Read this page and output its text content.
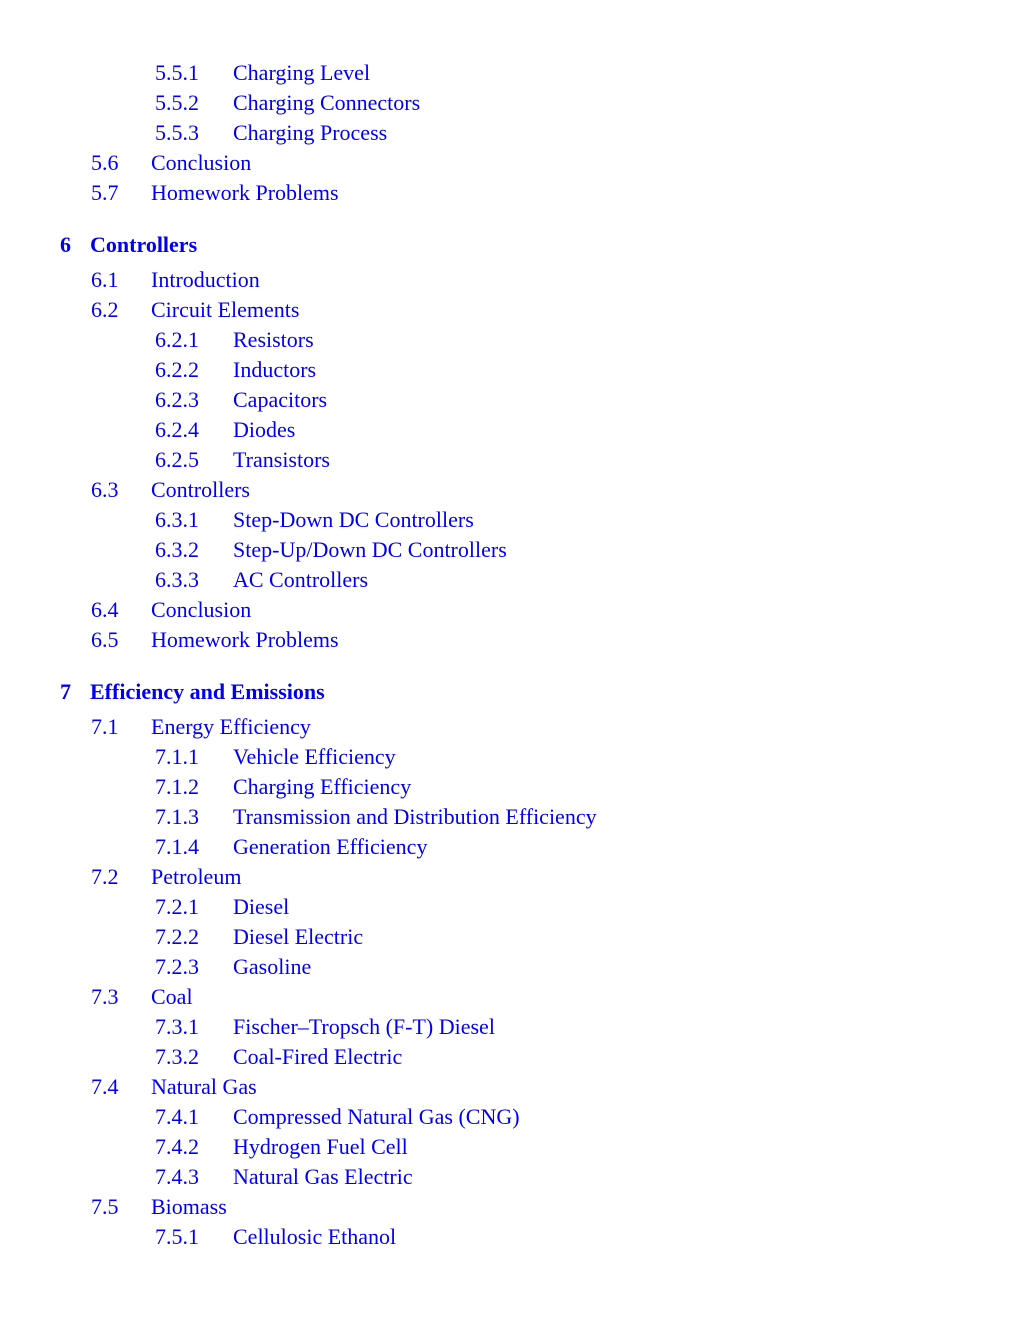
5.5.1 Charging Level
5.5.2 Charging Connectors
5.5.3 Charging Process
5.6 Conclusion
5.7 Homework Problems
6 Controllers
6.1 Introduction
6.2 Circuit Elements
6.2.1 Resistors
6.2.2 Inductors
6.2.3 Capacitors
6.2.4 Diodes
6.2.5 Transistors
6.3 Controllers
6.3.1 Step-Down DC Controllers
6.3.2 Step-Up/Down DC Controllers
6.3.3 AC Controllers
6.4 Conclusion
6.5 Homework Problems
7 Efficiency and Emissions
7.1 Energy Efficiency
7.1.1 Vehicle Efficiency
7.1.2 Charging Efficiency
7.1.3 Transmission and Distribution Efficiency
7.1.4 Generation Efficiency
7.2 Petroleum
7.2.1 Diesel
7.2.2 Diesel Electric
7.2.3 Gasoline
7.3 Coal
7.3.1 Fischer–Tropsch (F-T) Diesel
7.3.2 Coal-Fired Electric
7.4 Natural Gas
7.4.1 Compressed Natural Gas (CNG)
7.4.2 Hydrogen Fuel Cell
7.4.3 Natural Gas Electric
7.5 Biomass
7.5.1 Cellulosic Ethanol
